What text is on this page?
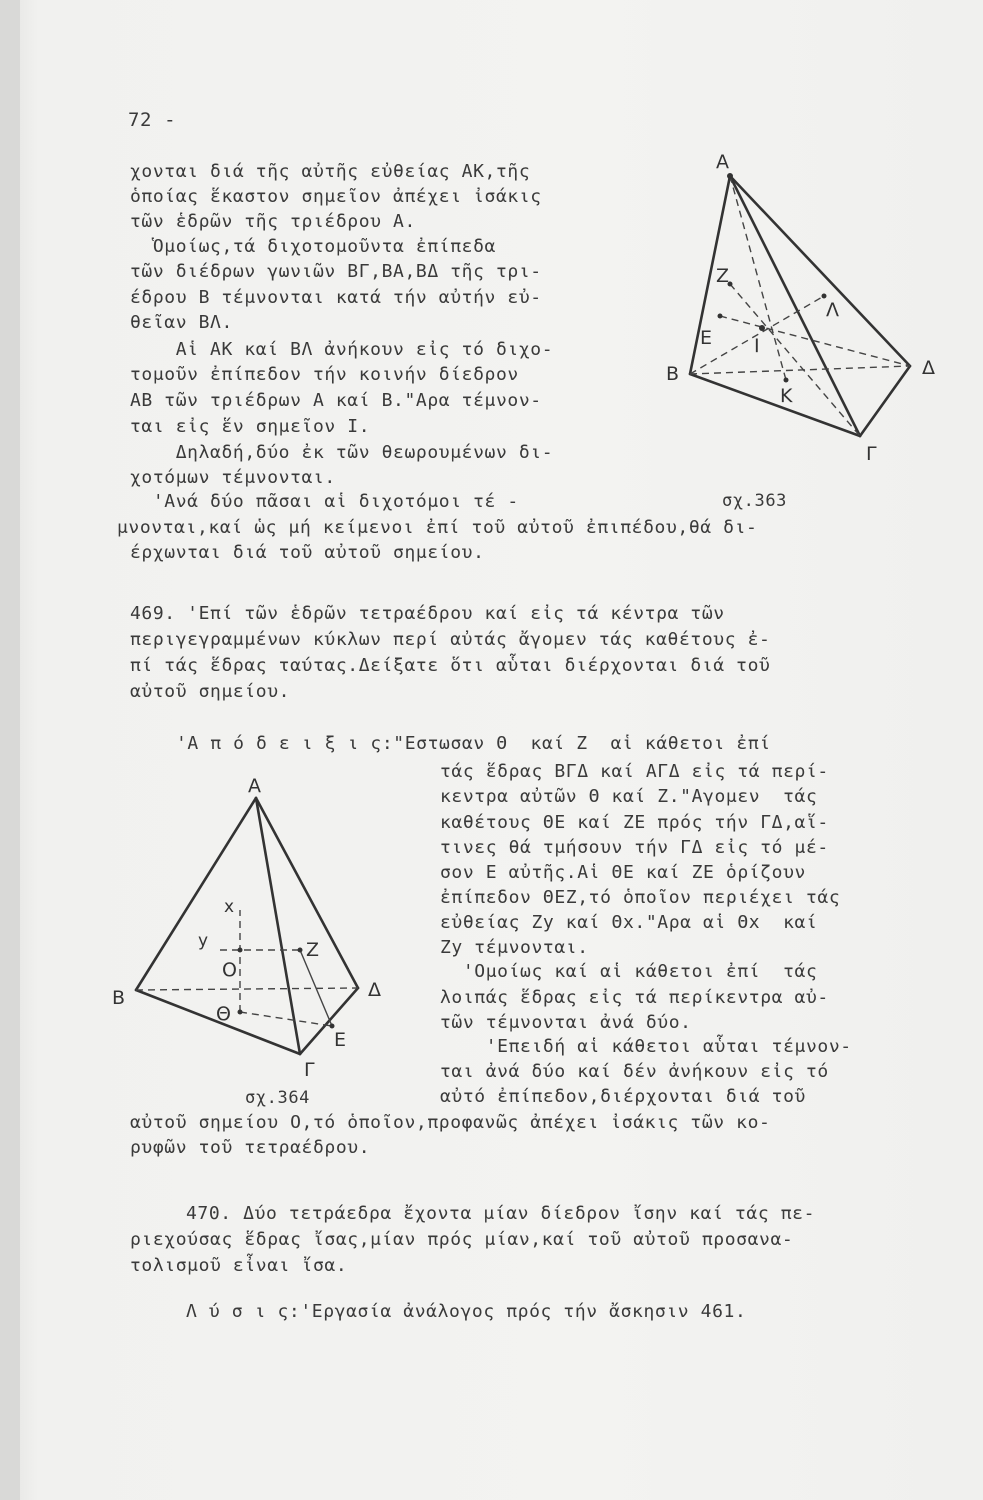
72 -
χονται διά τῆς αὐτῆς εὐθείας ΑΚ,τῆς
ὁποίας ἕκαστον σημεῖον ἀπέχει ἰσάκις
τῶν ἑδρῶν τῆς τριέδρου Α.
Ὁμοίως,τά διχοτομοῦντα ἐπίπεδα
τῶν διέδρων γωνιῶν ΒΓ,ΒΑ,ΒΔ τῆς τρι-
έδρου Β τέμνονται κατά τήν αὐτήν εὐ-
θεῖαν ΒΛ.
Αἱ ΑΚ καί ΒΛ ἀνήκουν εἰς τό διχο-
τομοῦν ἐπίπεδον τήν κοινήν δίεδρον
ΑΒ τῶν τριέδρων Α καί Β."Αρα τέμνον-
ται εἰς ἕν σημεῖον Ι.
Δηλαδή,δύο ἐκ τῶν θεωρουμένων δι-
χοτόμων τέμνονται.
'Ανά δύο πᾶσαι αἱ διχοτόμοι τέ -	σχ.363
μνονται,καί ὡς μή κείμενοι ἐπί τοῦ αὐτοῦ ἐπιπέδου,θά δι-
έρχωνται διά τοῦ αὐτοῦ σημείου.
Α
Ζ
Λ
Ε Ι
Β
Κ
Δ
Γ
469. 'Επί τῶν ἑδρῶν τετραέδρου καί εἰς τά κέντρα τῶν
περιγεγραμμένων κύκλων περί αὐτάς ἄγομεν τάς καθέτους ἐ-
πί τάς ἕδρας ταύτας.Δείξατε ὅτι αὗται διέρχονται διά τοῦ
αὐτοῦ σημείου.
'Α π ό δ ε ι ξ ι ς:"Εστωσαν Θ  καί Ζ  αἱ κάθετοι ἐπί
τάς ἕδρας ΒΓΔ καί ΑΓΔ εἰς τά περί-
κεντρα αὐτῶν Θ καί Ζ."Αγομεν  τάς
καθέτους ΘΕ καί ΖΕ πρός τήν ΓΔ,αἵ-
τινες θά τμήσουν τήν ΓΔ εἰς τό μέ-
σον Ε αὐτῆς.Αἱ ΘΕ καί ΖΕ ὁρίζουν
ἐπίπεδον ΘΕΖ,τό ὁποῖον περιέχει τάς
εὐθείας Ζy καί Θx."Αρα αἱ Θx  καί
Ζy τέμνονται.
'Ομοίως καί αἱ κάθετοι ἐπί  τάς
λοιπάς ἕδρας εἰς τά περίκεντρα αὐ-
τῶν τέμνονται ἀνά δύο.
'Επειδή αἱ κάθετοι αὗται τέμνον-
ται ἀνά δύο καί δέν ἀνήκουν εἰς τό
αὐτό ἐπίπεδον,διέρχονται διά τοῦ
σχ.364
Α
x
y	Ζ
Ο
Β
Θ
Δ
Ε
Γ
αὐτοῦ σημείου Ο,τό ὁποῖον,προφανῶς ἀπέχει ἰσάκις τῶν κο-
ρυφῶν τοῦ τετραέδρου.
470. Δύο τετράεδρα ἔχοντα μίαν δίεδρον ἴσην καί τάς πε-
ριεχούσας ἕδρας ἴσας,μίαν πρός μίαν,καί τοῦ αὐτοῦ προσανα-
τολισμοῦ εἶναι ἴσα.
Λ ύ σ ι ς:'Εργασία ἀνάλογος πρός τήν ἄσκησιν 461.
